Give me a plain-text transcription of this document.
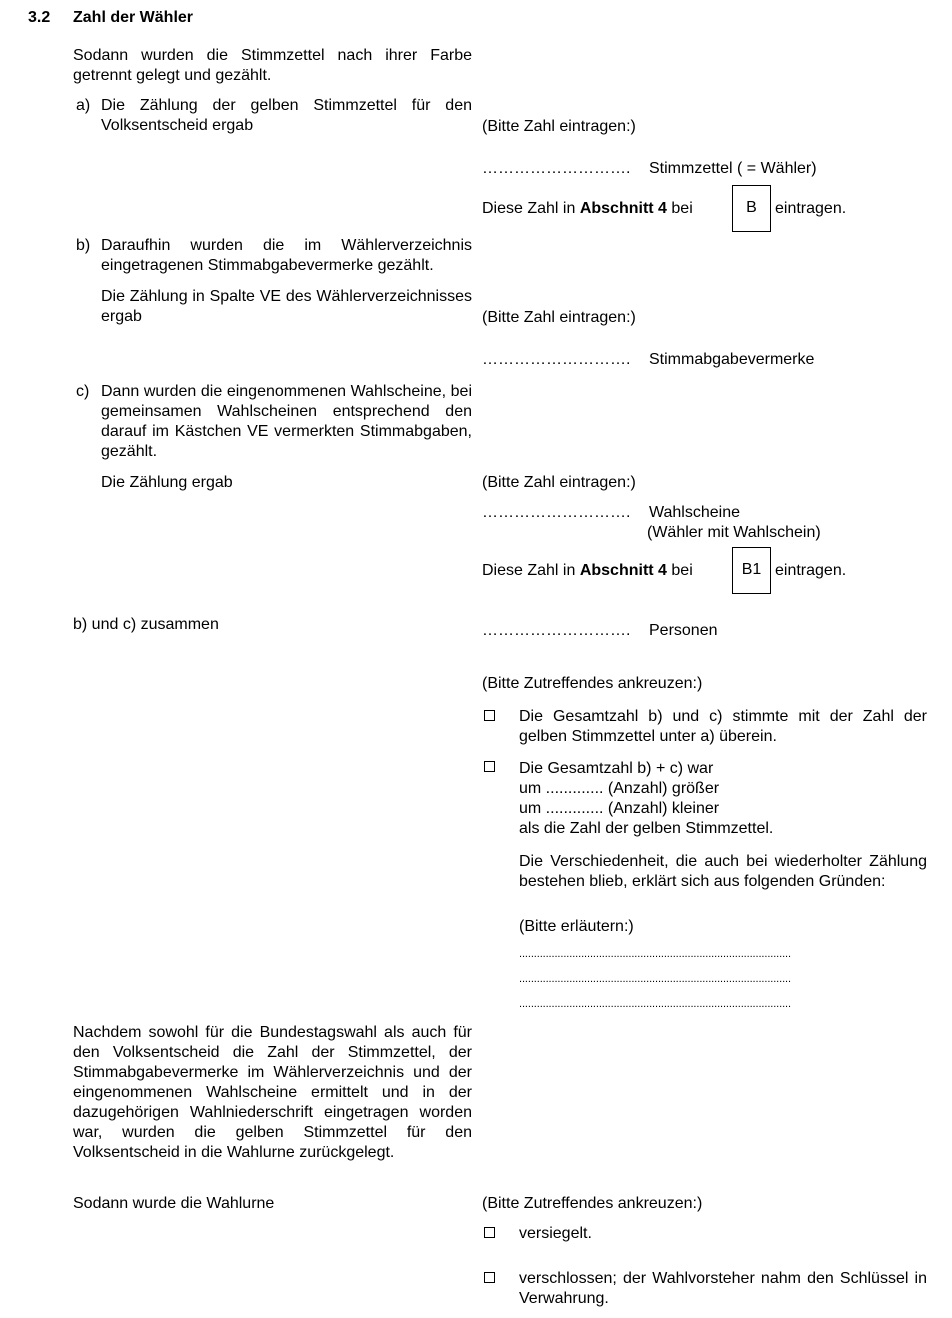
3.2 Zahl der Wähler
Sodann wurden die Stimmzettel nach ihrer Farbe getrennt gelegt und gezählt.
a) Die Zählung der gelben Stimmzettel für den Volksentscheid ergab	(Bitte Zahl eintragen:)
………………………. Stimmzettel ( = Wähler)
Diese Zahl in Abschnitt 4 bei	B	eintragen.
b) Daraufhin wurden die im Wählerverzeichnis eingetragenen Stimmabgabevermerke gezählt.
Die Zählung in Spalte VE des Wählerverzeichnisses ergab	(Bitte Zahl eintragen:)
………………………. Stimmabgabevermerke
c) Dann wurden die eingenommenen Wahlscheine, bei gemeinsamen Wahlscheinen entsprechend den darauf im Kästchen VE vermerkten Stimmabgaben, gezählt.
Die Zählung ergab	(Bitte Zahl eintragen:)
………………………. Wahlscheine
(Wähler mit Wahlschein)
Diese Zahl in Abschnitt 4 bei	B1 eintragen.
b) und c) zusammen	………………………. Personen
(Bitte Zutreffendes ankreuzen:)
Die Gesamtzahl b) und c) stimmte mit der Zahl der gelben Stimmzettel unter a) überein.
Die Gesamtzahl b) + c) war
um ............. (Anzahl) größer
um ............. (Anzahl) kleiner
als die Zahl der gelben Stimmzettel.
Die Verschiedenheit, die auch bei wiederholter Zählung bestehen blieb, erklärt sich aus folgenden Gründen:
(Bitte erläutern:)
............................................................................................
............................................................................................
............................................................................................
Nachdem sowohl für die Bundestagswahl als auch für den Volksentscheid die Zahl der Stimmzettel, der Stimmabgabevermerke im Wählerverzeichnis und der eingenommenen Wahlscheine ermittelt und in der dazugehörigen Wahlniederschrift eingetragen worden war, wurden die gelben Stimmzettel für den Volksentscheid in die Wahlurne zurückgelegt.
Sodann wurde die Wahlurne	(Bitte Zutreffendes ankreuzen:)
versiegelt.
verschlossen; der Wahlvorsteher nahm den Schlüssel in Verwahrung.
